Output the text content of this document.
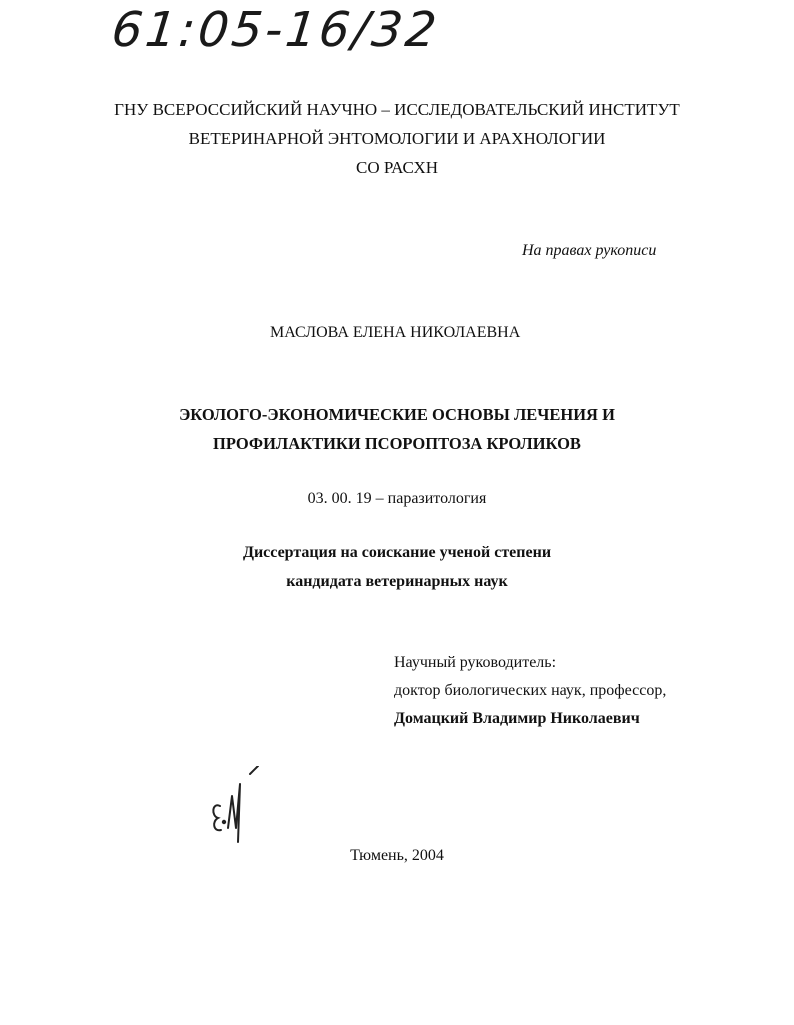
61:05-16/32
ГНУ ВСЕРОССИЙСКИЙ НАУЧНО – ИССЛЕДОВАТЕЛЬСКИЙ ИНСТИТУТ
ВЕТЕРИНАРНОЙ ЭНТОМОЛОГИИ И АРАХНОЛОГИИ
СО РАСХН
На правах рукописи
МАСЛОВА ЕЛЕНА НИКОЛАЕВНА
ЭКОЛОГО-ЭКОНОМИЧЕСКИЕ ОСНОВЫ ЛЕЧЕНИЯ И
ПРОФИЛАКТИКИ ПСОРОПТОЗА КРОЛИКОВ
03. 00. 19 – паразитология
Диссертация на соискание ученой степени
кандидата ветеринарных наук
Научный руководитель:
доктор биологических наук, профессор,
Домацкий Владимир Николаевич
Тюмень, 2004
